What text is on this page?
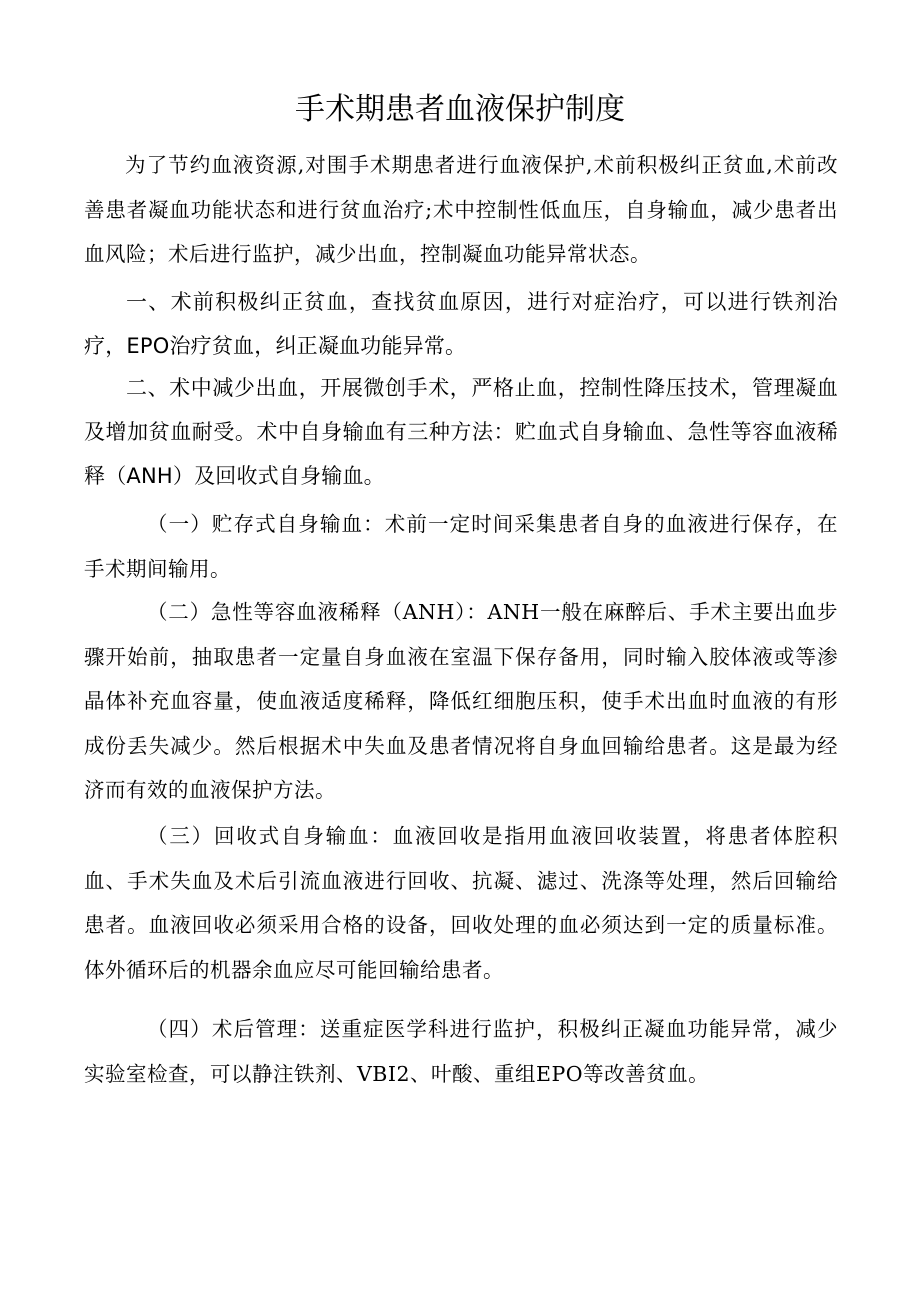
手术期患者血液保护制度

为了节约血液资源,对围手术期患者进行血液保护,术前积极纠正贫血,术前改善患者凝血功能状态和进行贫血治疗;术中控制性低血压，自身输血，减少患者出血风险；术后进行监护，减少出血，控制凝血功能异常状态。

一、术前积极纠正贫血，查找贫血原因，进行对症治疗，可以进行铁剂治疗，EPO治疗贫血，纠正凝血功能异常。

二、术中减少出血，开展微创手术，严格止血，控制性降压技术，管理凝血及增加贫血耐受。术中自身输血有三种方法：贮血式自身输血、急性等容血液稀释（ANH）及回收式自身输血。

（一）贮存式自身输血：术前一定时间采集患者自身的血液进行保存，在手术期间输用。

（二）急性等容血液稀释（ANH）：ANH一般在麻醉后、手术主要出血步骤开始前，抽取患者一定量自身血液在室温下保存备用，同时输入胶体液或等渗晶体补充血容量，使血液适度稀释，降低红细胞压积，使手术出血时血液的有形成份丢失减少。然后根据术中失血及患者情况将自身血回输给患者。这是最为经济而有效的血液保护方法。

（三）回收式自身输血：血液回收是指用血液回收装置，将患者体腔积血、手术失血及术后引流血液进行回收、抗凝、滤过、洗涤等处理，然后回输给患者。血液回收必须采用合格的设备，回收处理的血必须达到一定的质量标准。体外循环后的机器余血应尽可能回输给患者。

（四）术后管理：送重症医学科进行监护，积极纠正凝血功能异常，减少实验室检查，可以静注铁剂、VBI2、叶酸、重组EPO等改善贫血。
